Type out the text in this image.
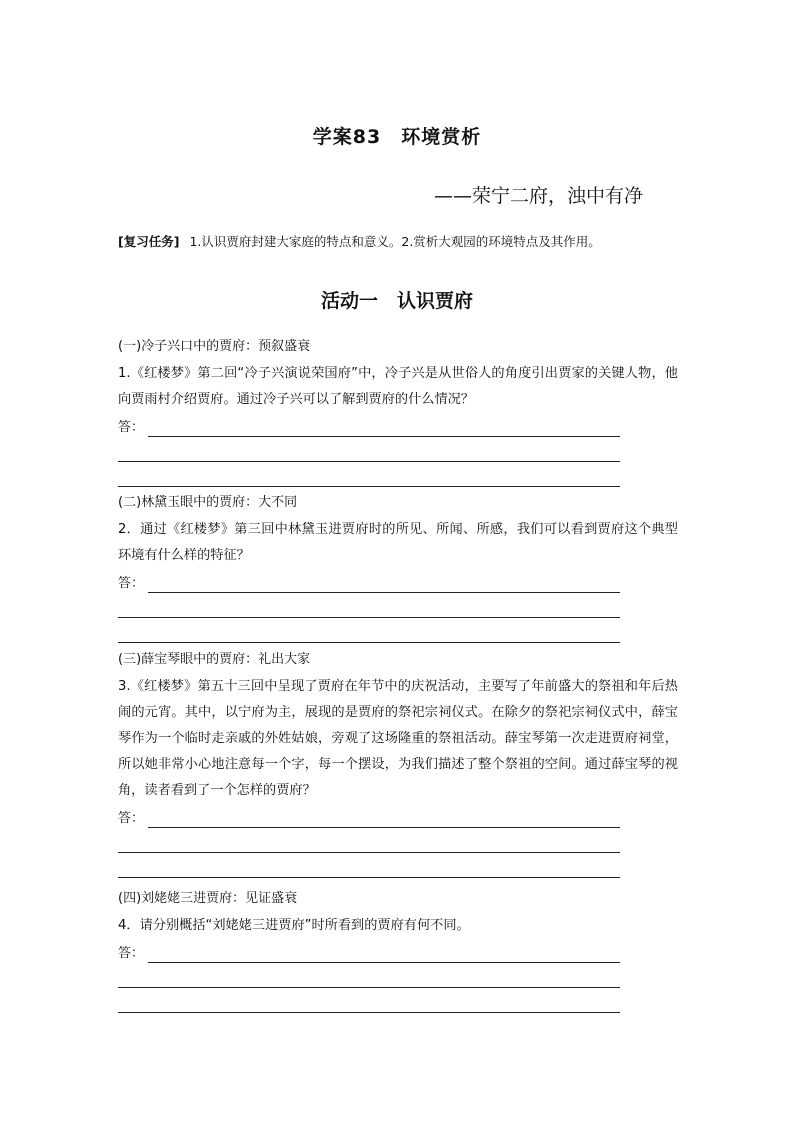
学案83　环境赏析
——荣宁二府，浊中有净
[复习任务] 1.认识贾府封建大家庭的特点和意义。2.赏析大观园的环境特点及其作用。
活动一　认识贾府
(一)冷子兴口中的贾府：预叙盛衰
1.《红楼梦》第二回“冷子兴演说荣国府”中，冷子兴是从世俗人的角度引出贾家的关键人物，他向贾雨村介绍贾府。通过冷子兴可以了解到贾府的什么情况？
答：
(二)林黛玉眼中的贾府：大不同
2．通过《红楼梦》第三回中林黛玉进贾府时的所见、所闻、所感，我们可以看到贾府这个典型环境有什么样的特征？
答：
(三)薛宝琴眼中的贾府：礼出大家
3.《红楼梦》第五十三回中呈现了贾府在年节中的庆祝活动，主要写了年前盛大的祭祖和年后热闹的元宵。其中，以宁府为主，展现的是贾府的祭祀宗祠仪式。在除夕的祭祀宗祠仪式中，薛宝琴作为一个临时走亲戚的外姓姑娘，旁观了这场隆重的祭祖活动。薛宝琴第一次走进贾府祠堂，所以她非常小心地注意每一个字，每一个摆设，为我们描述了整个祭祖的空间。通过薛宝琴的视角，读者看到了一个怎样的贾府？
答：
(四)刘姥姥三进贾府：见证盛衰
4．请分别概括“刘姥姥三进贾府”时所看到的贾府有何不同。
答：
